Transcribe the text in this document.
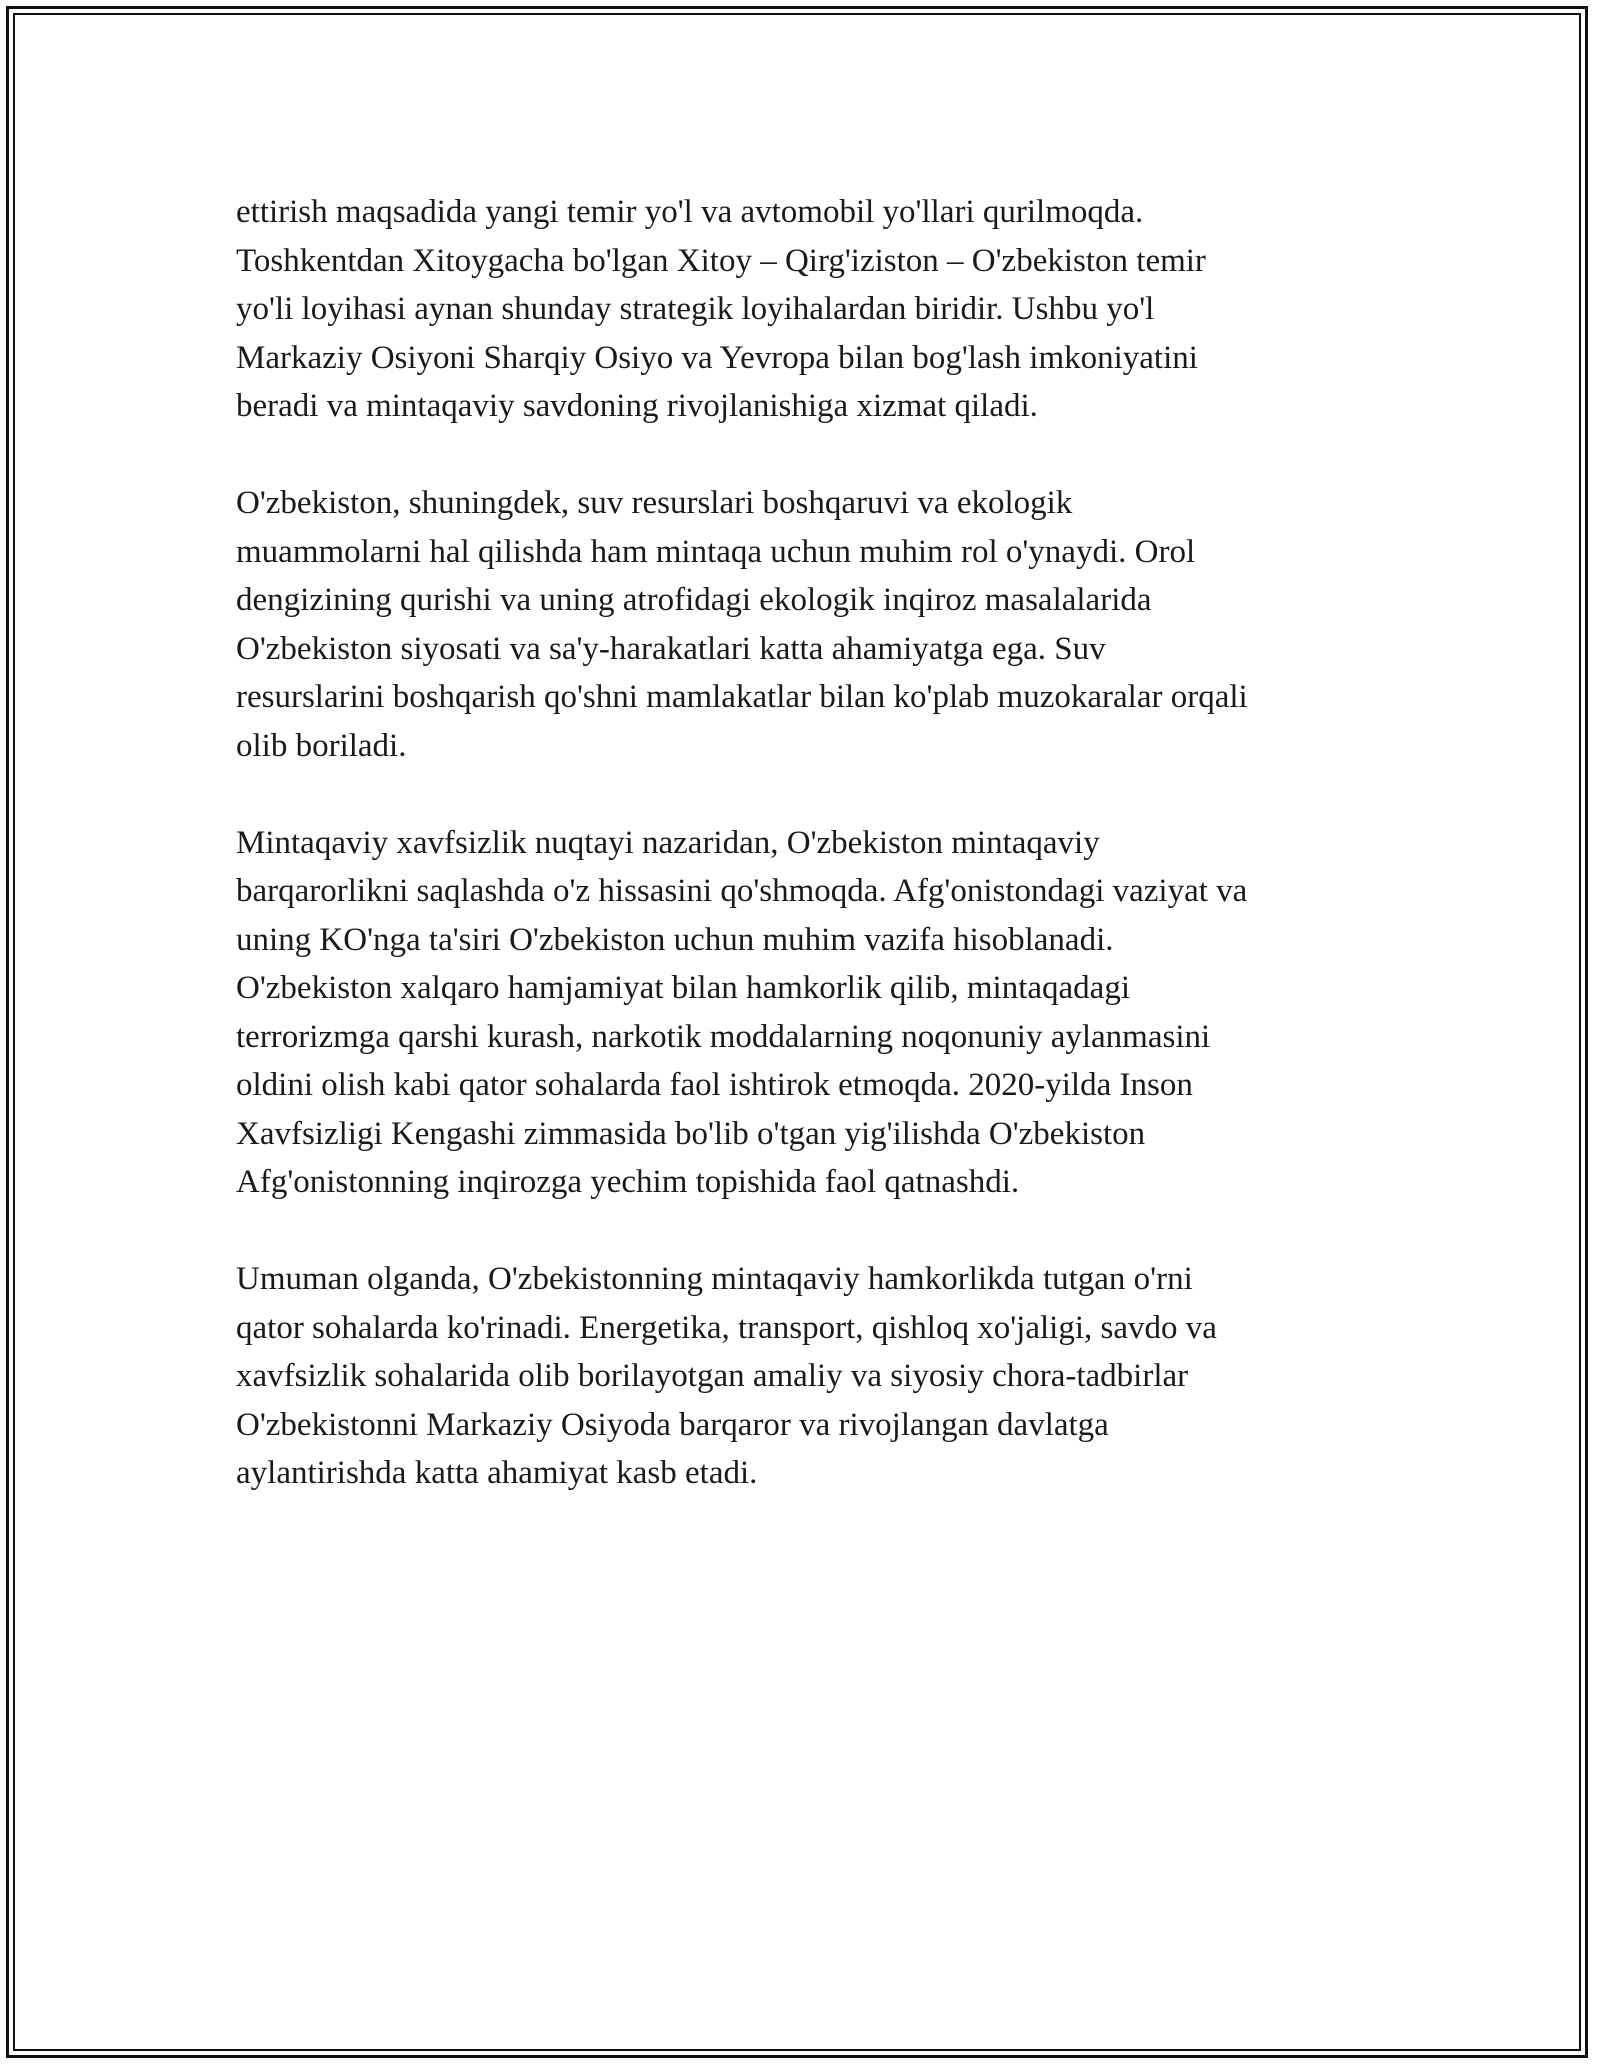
ettirish maqsadida yangi temir yo'l va avtomobil yo'llari qurilmoqda.
Toshkentdan Xitoygacha bo'lgan Xitoy – Qirg'iziston – O'zbekiston temir
yo'li loyihasi aynan shunday strategik loyihalardan biridir. Ushbu yo'l
Markaziy Osiyoni Sharqiy Osiyo va Yevropa bilan bog'lash imkoniyatini
beradi va mintaqaviy savdoning rivojlanishiga xizmat qiladi.
O'zbekiston, shuningdek, suv resurslari boshqaruvi va ekologik
muammolarni hal qilishda ham mintaqa uchun muhim rol o'ynaydi. Orol
dengizining qurishi va uning atrofidagi ekologik inqiroz masalalarida
O'zbekiston siyosati va sa'y-harakatlari katta ahamiyatga ega. Suv
resurslarini boshqarish qo'shni mamlakatlar bilan ko'plab muzokaralar orqali
olib boriladi.
Mintaqaviy xavfsizlik nuqtayi nazaridan, O'zbekiston mintaqaviy
barqarorlikni saqlashda o'z hissasini qo'shmoqda. Afg'onistondagi vaziyat va
uning KO'nga ta'siri O'zbekiston uchun muhim vazifa hisoblanadi.
O'zbekiston xalqaro hamjamiyat bilan hamkorlik qilib, mintaqadagi
terrorizmga qarshi kurash, narkotik moddalarning noqonuniy aylanmasini
oldini olish kabi qator sohalarda faol ishtirok etmoqda. 2020-yilda Inson
Xavfsizligi Kengashi zimmasida bo'lib o'tgan yig'ilishda O'zbekiston
Afg'onistonning inqirozga yechim topishida faol qatnashdi.
Umuman olganda, O'zbekistonning mintaqaviy hamkorlikda tutgan o'rni
qator sohalarda ko'rinadi. Energetika, transport, qishloq xo'jaligi, savdo va
xavfsizlik sohalarida olib borilayotgan amaliy va siyosiy chora-tadbirlar
O'zbekistonni Markaziy Osiyoda barqaror va rivojlangan davlatga
aylantirishda katta ahamiyat kasb etadi.
